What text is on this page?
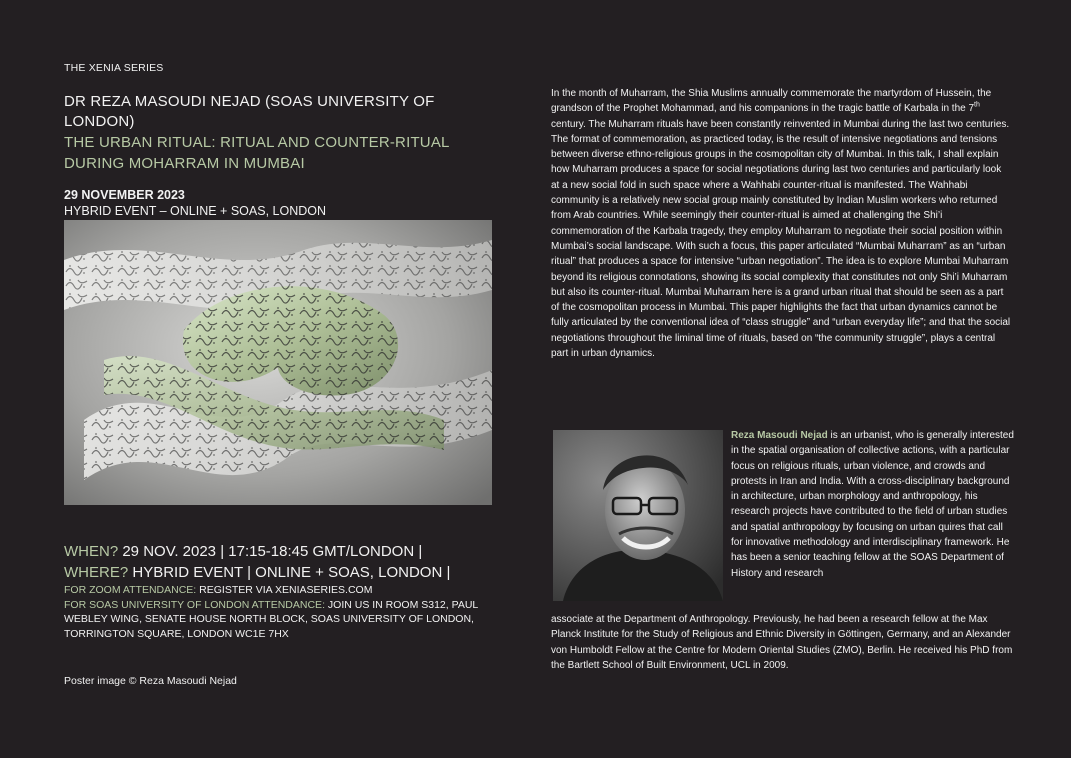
THE XENIA SERIES

DR REZA MASOUDI NEJAD (SOAS UNIVERSITY OF LONDON)

THE URBAN RITUAL: RITUAL AND COUNTER-RITUAL

DURING MOHARRAM IN MUMBAI

29 NOVEMBER 2023

HYBRID EVENT – ONLINE + SOAS, LONDON

WHEN? 29 NOV. 2023 | 17:15-18:45 GMT/LONDON |

WHERE? HYBRID EVENT | ONLINE + SOAS, LONDON |

FOR ZOOM ATTENDANCE: REGISTER VIA XENIASERIES.COM

FOR SOAS UNIVERSITY OF LONDON ATTENDANCE: JOIN US IN ROOM S312, PAUL WEBLEY WING, SENATE HOUSE NORTH BLOCK, SOAS UNIVERSITY OF LONDON, TORRINGTON SQUARE, LONDON WC1E 7HX

Poster image © Reza Masoudi Nejad

In the month of Muharram, the Shia Muslims annually commemorate the martyrdom of Hussein, the grandson of the Prophet Mohammad, and his companions in the tragic battle of Karbala in the 7th century. The Muharram rituals have been constantly reinvented in Mumbai during the last two centuries. The format of commemoration, as practiced today, is the result of intensive negotiations and tensions between diverse ethno-religious groups in the cosmopolitan city of Mumbai. In this talk, I shall explain how Muharram produces a space for social negotiations during last two centuries and particularly look at a new social fold in such space where a Wahhabi counter-ritual is manifested. The Wahhabi community is a relatively new social group mainly constituted by Indian Muslim workers who returned from Arab countries. While seemingly their counter-ritual is aimed at challenging the Shi’i commemoration of the Karbala tragedy, they employ Muharram to negotiate their social position within Mumbai’s social landscape. With such a focus, this paper articulated “Mumbai Muharram” as an “urban ritual” that produces a space for intensive “urban negotiation”. The idea is to explore Mumbai Muharram beyond its religious connotations, showing its social complexity that constitutes not only Shi’i Muharram but also its counter-ritual. Mumbai Muharram here is a grand urban ritual that should be seen as a part of the cosmopolitan process in Mumbai. This paper highlights the fact that urban dynamics cannot be fully articulated by the conventional idea of “class struggle” and “urban everyday life”; and that the social negotiations throughout the liminal time of rituals, based on “the community struggle”, plays a central part in urban dynamics.

Reza Masoudi Nejad is an urbanist, who is generally interested in the spatial organisation of collective actions, with a particular focus on religious rituals, urban violence, and crowds and protests in Iran and India. With a cross-disciplinary background in architecture, urban morphology and anthropology, his research projects have contributed to the field of urban studies and spatial anthropology by focusing on urban quires that call for innovative methodology and interdisciplinary framework. He has been a senior teaching fellow at the SOAS Department of History and research

associate at the Department of Anthropology. Previously, he had been a research fellow at the Max Planck Institute for the Study of Religious and Ethnic Diversity in Göttingen, Germany, and an Alexander von Humboldt Fellow at the Centre for Modern Oriental Studies (ZMO), Berlin. He received his PhD from the Bartlett School of Built Environment, UCL in 2009.
